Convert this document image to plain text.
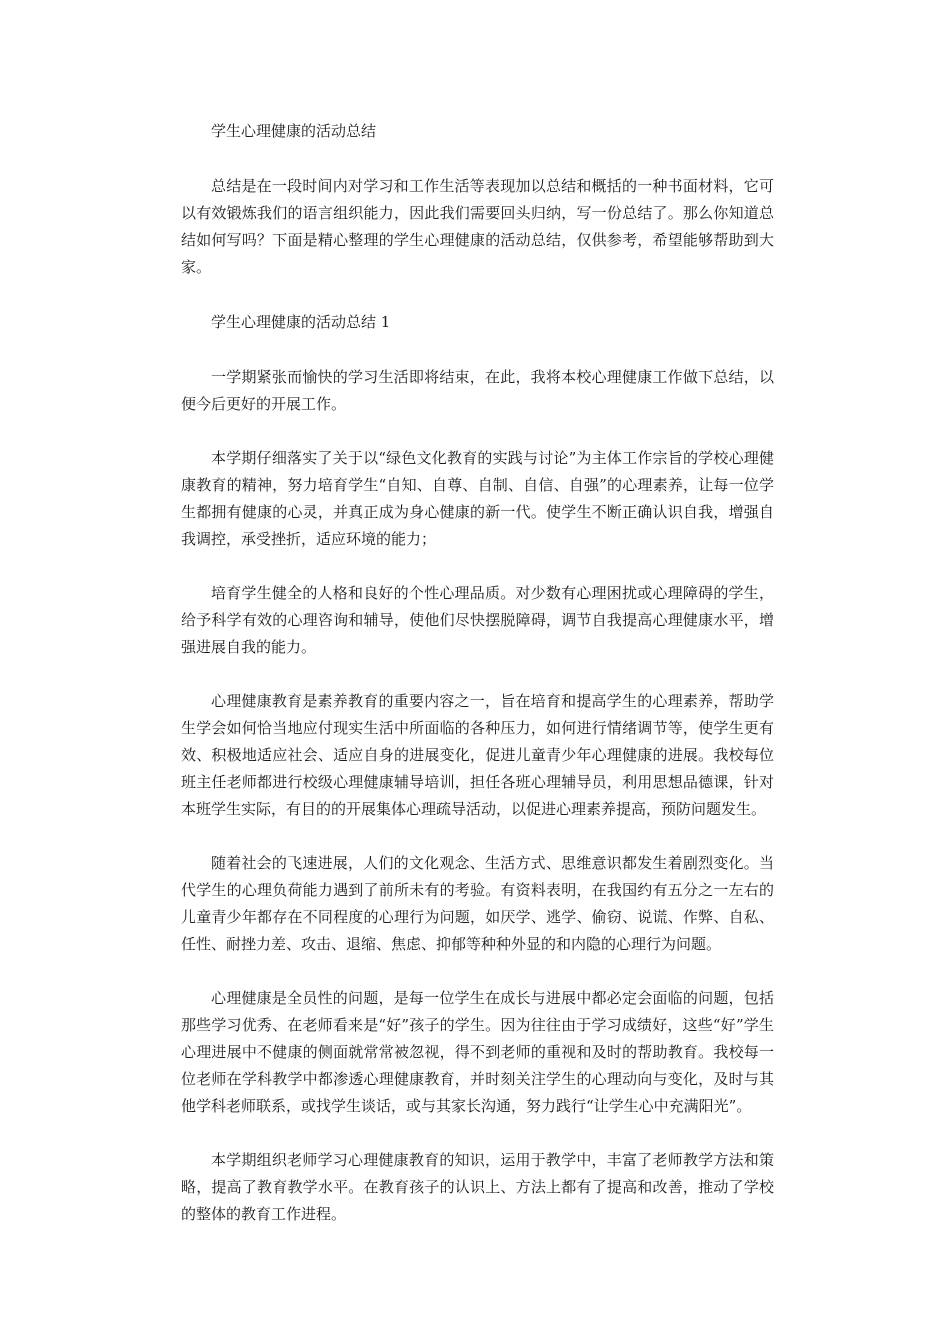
学生心理健康的活动总结

总结是在一段时间内对学习和工作生活等表现加以总结和概括的一种书面材料，它可以有效锻炼我们的语言组织能力，因此我们需要回头归纳，写一份总结了。那么你知道总结如何写吗？下面是精心整理的学生心理健康的活动总结，仅供参考，希望能够帮助到大家。

学生心理健康的活动总结 1

一学期紧张而愉快的学习生活即将结束，在此，我将本校心理健康工作做下总结，以便今后更好的开展工作。

本学期仔细落实了关于以“绿色文化教育的实践与讨论”为主体工作宗旨的学校心理健康教育的精神，努力培育学生“自知、自尊、自制、自信、自强”的心理素养，让每一位学生都拥有健康的心灵，并真正成为身心健康的新一代。使学生不断正确认识自我，增强自我调控，承受挫折，适应环境的能力；

培育学生健全的人格和良好的个性心理品质。对少数有心理困扰或心理障碍的学生，给予科学有效的心理咨询和辅导，使他们尽快摆脱障碍，调节自我提高心理健康水平，增强进展自我的能力。

心理健康教育是素养教育的重要内容之一，旨在培育和提高学生的心理素养，帮助学生学会如何恰当地应付现实生活中所面临的各种压力，如何进行情绪调节等，使学生更有效、积极地适应社会、适应自身的进展变化，促进儿童青少年心理健康的进展。我校每位班主任老师都进行校级心理健康辅导培训，担任各班心理辅导员，利用思想品德课，针对本班学生实际，有目的的开展集体心理疏导活动，以促进心理素养提高，预防问题发生。

随着社会的飞速进展，人们的文化观念、生活方式、思维意识都发生着剧烈变化。当代学生的心理负荷能力遇到了前所未有的考验。有资料表明，在我国约有五分之一左右的儿童青少年都存在不同程度的心理行为问题，如厌学、逃学、偷窃、说谎、作弊、自私、任性、耐挫力差、攻击、退缩、焦虑、抑郁等种种外显的和内隐的心理行为问题。

心理健康是全员性的问题，是每一位学生在成长与进展中都必定会面临的问题，包括那些学习优秀、在老师看来是“好”孩子的学生。因为往往由于学习成绩好，这些“好”学生心理进展中不健康的侧面就常常被忽视，得不到老师的重视和及时的帮助教育。我校每一位老师在学科教学中都渗透心理健康教育，并时刻关注学生的心理动向与变化，及时与其他学科老师联系，或找学生谈话，或与其家长沟通，努力践行“让学生心中充满阳光”。

本学期组织老师学习心理健康教育的知识，运用于教学中，丰富了老师教学方法和策略，提高了教育教学水平。在教育孩子的认识上、方法上都有了提高和改善，推动了学校的整体的教育工作进程。
